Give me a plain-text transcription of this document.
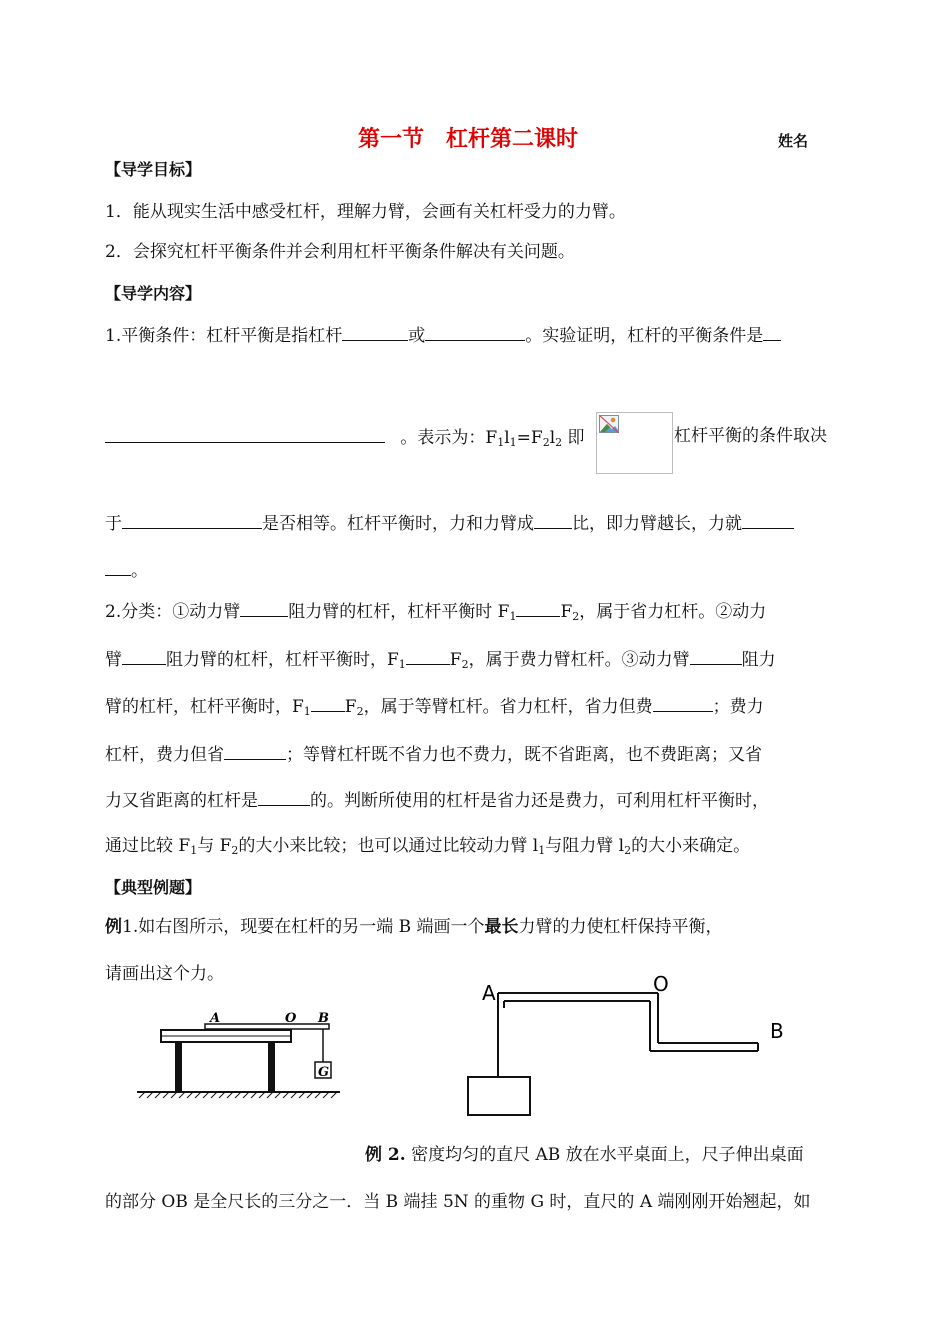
第一节　杠杆第二课时	姓名
【导学目标】
1．能从现实生活中感受杠杆，理解力臂，会画有关杠杆受力的力臂。
2．会探究杠杆平衡条件并会利用杠杆平衡条件解决有关问题。
【导学内容】
1.平衡条件：杠杆平衡是指杠杆	或	。实验证明，杠杆的平衡条件是
。表示为：$F_1l_1=F_2l_2$ 即	杠杆平衡的条件取决
于	是否相等。杠杆平衡时，力和力臂成 比，即力臂越长，力就
。
2.分类：①动力臂	阻力臂的杠杆，杠杆平衡时 $F_1$	$F_2$，属于省力杠杆。②动力
臂	阻力臂的杠杆，杠杆平衡时，$F_1$	$F_2$，属于费力臂杠杆。③动力臂	阻力
臂的杠杆，杠杆平衡时，$F_1$ $F_2$，属于等臂杠杆。省力杠杆，省力但费	；费力
杠杆，费力但省	；等臂杠杆既不省力也不费力，既不省距离，也不费距离；又省
力又省距离的杠杆是	的。判断所使用的杠杆是省力还是费力，可利用杠杆平衡时，
通过比较 $F_1$与 $F_2$的大小来比较；也可以通过比较动力臂 $l_1$与阻力臂 $l_2$的大小来确定。
【典型例题】
例1.如右图所示，现要在杠杆的另一端 B 端画一个最长力臂的力使杠杆保持平衡，
请画出这个力。
A	O B
G
A	O
B
例 2. 密度均匀的直尺 AB 放在水平桌面上，尺子伸出桌面
的部分 OB 是全尺长的三分之一．当 B 端挂 5N 的重物 G 时，直尺的 A 端刚刚开始翘起，如
